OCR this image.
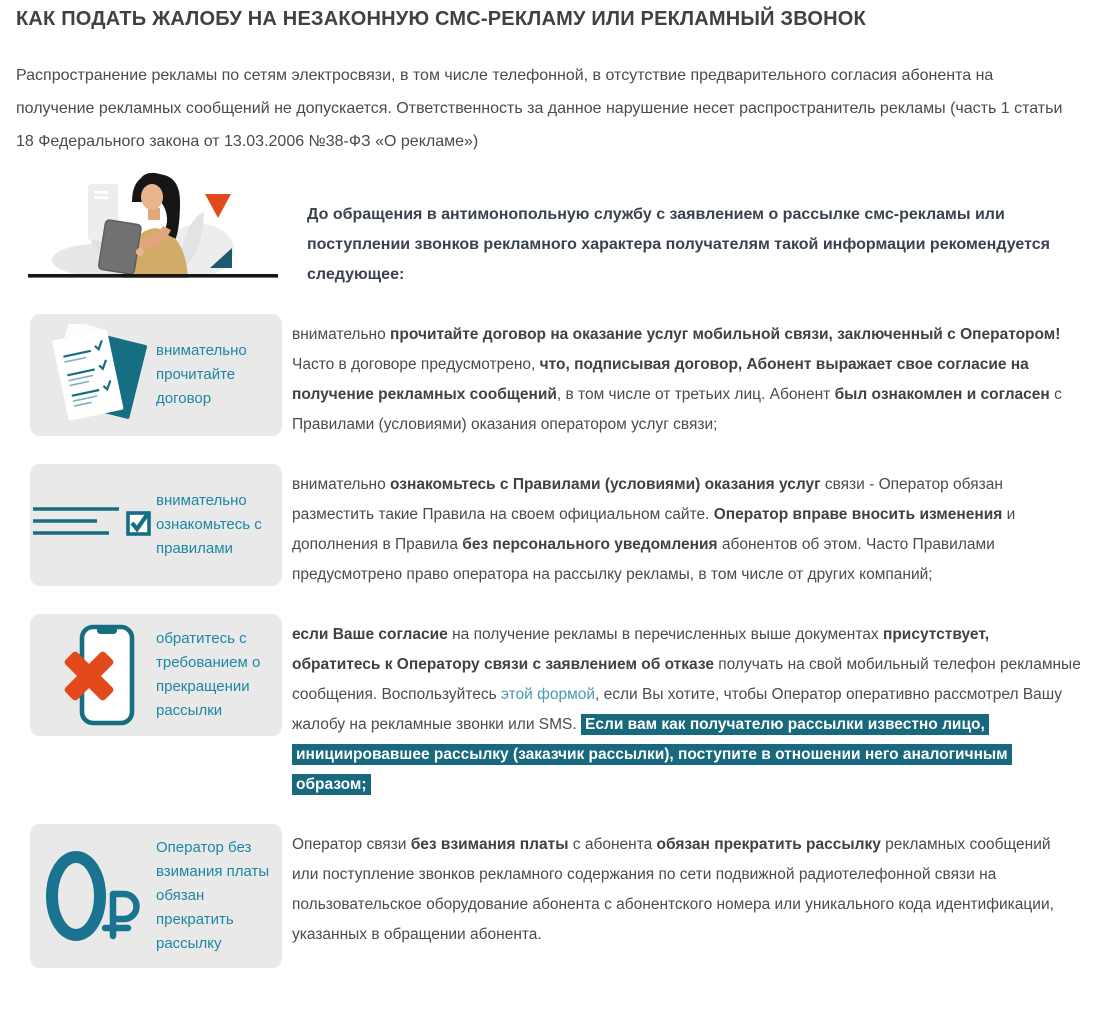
КАК ПОДАТЬ ЖАЛОБУ НА НЕЗАКОННУЮ СМС-РЕКЛАМУ ИЛИ РЕКЛАМНЫЙ ЗВОНОК

Распространение рекламы по сетям электросвязи, в том числе телефонной, в отсутствие предварительного согласия абонента на получение рекламных сообщений не допускается. Ответственность за данное нарушение несет распространитель рекламы (часть 1 статьи 18 Федерального закона от 13.03.2006 №38-ФЗ «О рекламе»)

До обращения в антимонопольную службу с заявлением о рассылке смс-рекламы или поступлении звонков рекламного характера получателям такой информации рекомендуется следующее:

внимательно прочитайте договор

внимательно прочитайте договор на оказание услуг мобильной связи, заключенный с Оператором! Часто в договоре предусмотрено, что, подписывая договор, Абонент выражает свое согласие на получение рекламных сообщений, в том числе от третьих лиц. Абонент был ознакомлен и согласен с Правилами (условиями) оказания оператором услуг связи;

внимательно ознакомьтесь с правилами

внимательно ознакомьтесь с Правилами (условиями) оказания услуг связи - Оператор обязан разместить такие Правила на своем официальном сайте. Оператор вправе вносить изменения и дополнения в Правила без персонального уведомления абонентов об этом. Часто Правилами предусмотрено право оператора на рассылку рекламы, в том числе от других компаний;

обратитесь с требованием о прекращении рассылки

если Ваше согласие на получение рекламы в перечисленных выше документах присутствует, обратитесь к Оператору связи с заявлением об отказе получать на свой мобильный телефон рекламные сообщения. Воспользуйтесь этой формой, если Вы хотите, чтобы Оператор оперативно рассмотрел Вашу жалобу на рекламные звонки или SMS. Если вам как получателю рассылки известно лицо, инициировавшее рассылку (заказчик рассылки), поступите в отношении него аналогичным образом;

Оператор без взимания платы обязан прекратить рассылку

Оператор связи без взимания платы с абонента обязан прекратить рассылку рекламных сообщений или поступление звонков рекламного содержания по сети подвижной радиотелефонной связи на пользовательское оборудование абонента с абонентского номера или уникального кода идентификации, указанных в обращении абонента.
